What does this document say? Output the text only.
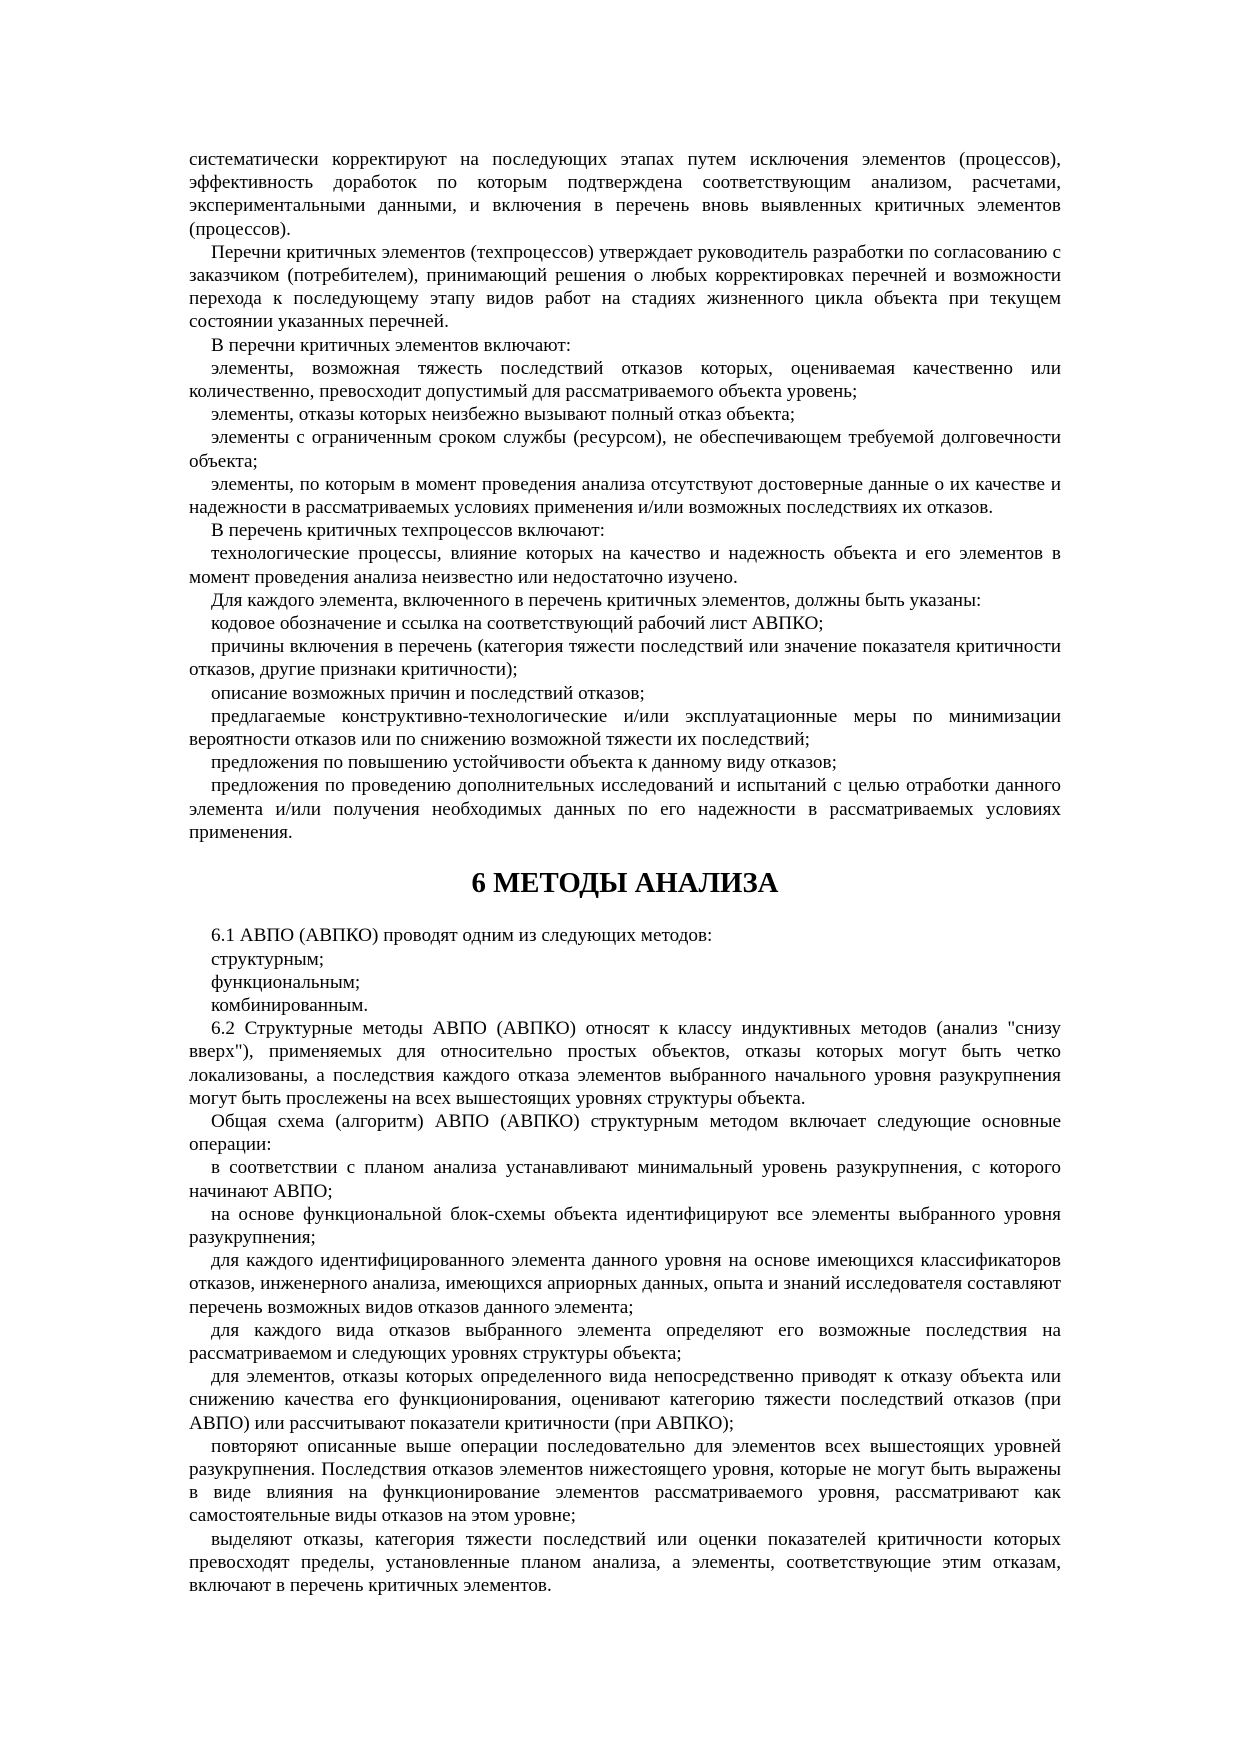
систематически корректируют на последующих этапах путем исключения элементов (процессов), эффективность доработок по которым подтверждена соответствующим анализом, расчетами, экспериментальными данными, и включения в перечень вновь выявленных критичных элементов (процессов).

Перечни критичных элементов (техпроцессов) утверждает руководитель разработки по согласованию с заказчиком (потребителем), принимающий решения о любых корректировках перечней и возможности перехода к последующему этапу видов работ на стадиях жизненного цикла объекта при текущем состоянии указанных перечней.

В перечни критичных элементов включают:

элементы, возможная тяжесть последствий отказов которых, оцениваемая качественно или количественно, превосходит допустимый для рассматриваемого объекта уровень;

элементы, отказы которых неизбежно вызывают полный отказ объекта;

элементы с ограниченным сроком службы (ресурсом), не обеспечивающем требуемой долговечности объекта;

элементы, по которым в момент проведения анализа отсутствуют достоверные данные о их качестве и надежности в рассматриваемых условиях применения и/или возможных последствиях их отказов.

В перечень критичных техпроцессов включают:

технологические процессы, влияние которых на качество и надежность объекта и его элементов в момент проведения анализа неизвестно или недостаточно изучено.

Для каждого элемента, включенного в перечень критичных элементов, должны быть указаны:

кодовое обозначение и ссылка на соответствующий рабочий лист АВПКО;

причины включения в перечень (категория тяжести последствий или значение показателя критичности отказов, другие признаки критичности);

описание возможных причин и последствий отказов;

предлагаемые конструктивно-технологические и/или эксплуатационные меры по минимизации вероятности отказов или по снижению возможной тяжести их последствий;

предложения по повышению устойчивости объекта к данному виду отказов;

предложения по проведению дополнительных исследований и испытаний с целью отработки данного элемента и/или получения необходимых данных по его надежности в рассматриваемых условиях применения.

6 МЕТОДЫ АНАЛИЗА

6.1 АВПО (АВПКО) проводят одним из следующих методов:

структурным;

функциональным;

комбинированным.

6.2 Структурные методы АВПО (АВПКО) относят к классу индуктивных методов (анализ "снизу вверх"), применяемых для относительно простых объектов, отказы которых могут быть четко локализованы, а последствия каждого отказа элементов выбранного начального уровня разукрупнения могут быть прослежены на всех вышестоящих уровнях структуры объекта.

Общая схема (алгоритм) АВПО (АВПКО) структурным методом включает следующие основные операции:

в соответствии с планом анализа устанавливают минимальный уровень разукрупнения, с которого начинают АВПО;

на основе функциональной блок-схемы объекта идентифицируют все элементы выбранного уровня разукрупнения;

для каждого идентифицированного элемента данного уровня на основе имеющихся классификаторов отказов, инженерного анализа, имеющихся априорных данных, опыта и знаний исследователя составляют перечень возможных видов отказов данного элемента;

для каждого вида отказов выбранного элемента определяют его возможные последствия на рассматриваемом и следующих уровнях структуры объекта;

для элементов, отказы которых определенного вида непосредственно приводят к отказу объекта или снижению качества его функционирования, оценивают категорию тяжести последствий отказов (при АВПО) или рассчитывают показатели критичности (при АВПКО);

повторяют описанные выше операции последовательно для элементов всех вышестоящих уровней разукрупнения. Последствия отказов элементов нижестоящего уровня, которые не могут быть выражены в виде влияния на функционирование элементов рассматриваемого уровня, рассматривают как самостоятельные виды отказов на этом уровне;

выделяют отказы, категория тяжести последствий или оценки показателей критичности которых превосходят пределы, установленные планом анализа, а элементы, соответствующие этим отказам, включают в перечень критичных элементов.
